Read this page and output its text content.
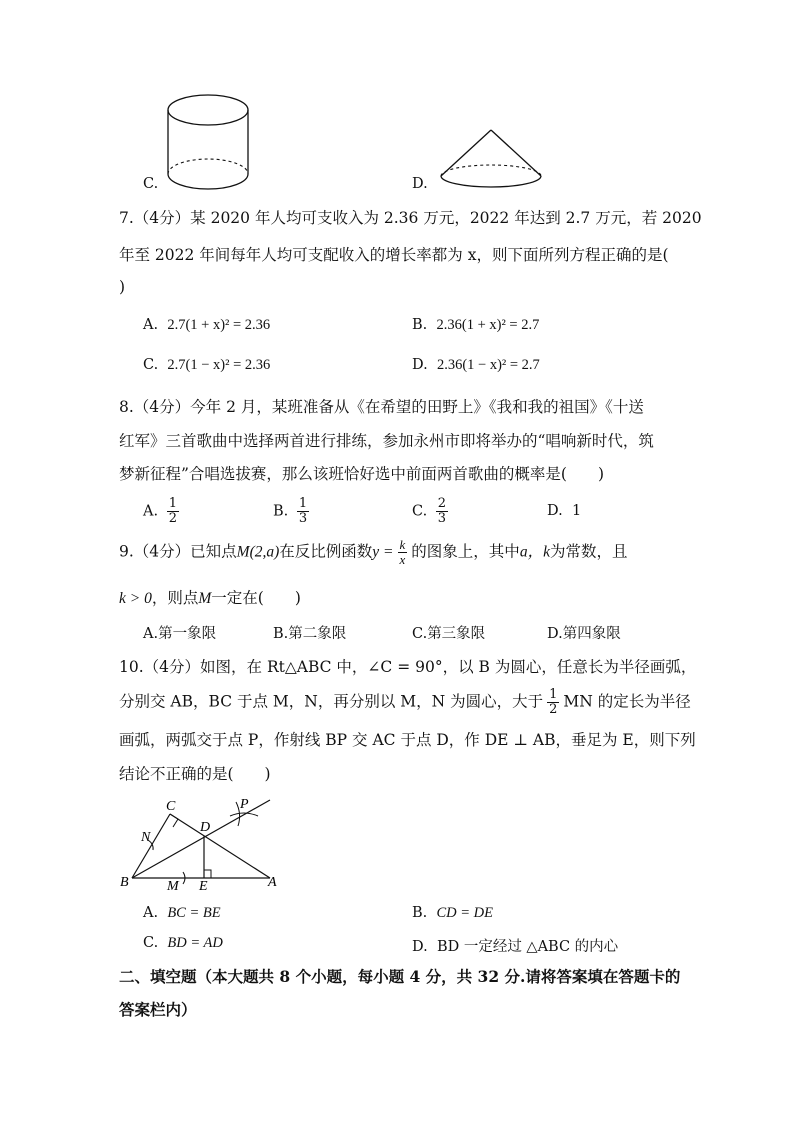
C.	D.
7.（4分）某 2020 年人均可支收入为 2.36 万元，2022 年达到 2.7 万元，若 2020
年至 2022 年间每年人均可支配收入的增长率都为 x，则下面所列方程正确的是(
)
A. 2.7(1 + x)² = 2.36	B. 2.36(1 + x)² = 2.7
C. 2.7(1 − x)² = 2.36	D. 2.36(1 − x)² = 2.7
8.（4分）今年 2 月，某班准备从《在希望的田野上》《我和我的祖国》《十送
红军》三首歌曲中选择两首进行排练，参加永州市即将举办的“唱响新时代，筑
梦新征程”合唱选拔赛，那么该班恰好选中前面两首歌曲的概率是(　　)
A. $\frac{1}{2}$	B. $\frac{1}{3}$	C. $\frac{2}{3}$	D. 1
9.（4分）已知点M(2,a)在反比例函数$y = \frac{k}{x}$ 的图象上，其中a，k为常数，且
k > 0，则点M一定在(　　)
A.第一象限	B.第二象限	C.第三象限	D.第四象限
10.（4分）如图，在 Rt△ABC 中，∠C = 90°，以 B 为圆心，任意长为半径画弧，
分别交 AB，BC 于点 M，N，再分别以 M，N 为圆心，大于 $\frac{1}{2}$ MN 的定长为半径
画弧，两弧交于点 P，作射线 BP 交 AC 于点 D，作 DE ⊥ AB，垂足为 E，则下列
结论不正确的是(　　)
C	P
D
N
B	M E	A
A. BC = BE	B. CD = DE
C. BD = AD	D. BD 一定经过 △ABC 的内心
二、填空题（本大题共 8 个小题，每小题 4 分，共 32 分.请将答案填在答题卡的
答案栏内）
